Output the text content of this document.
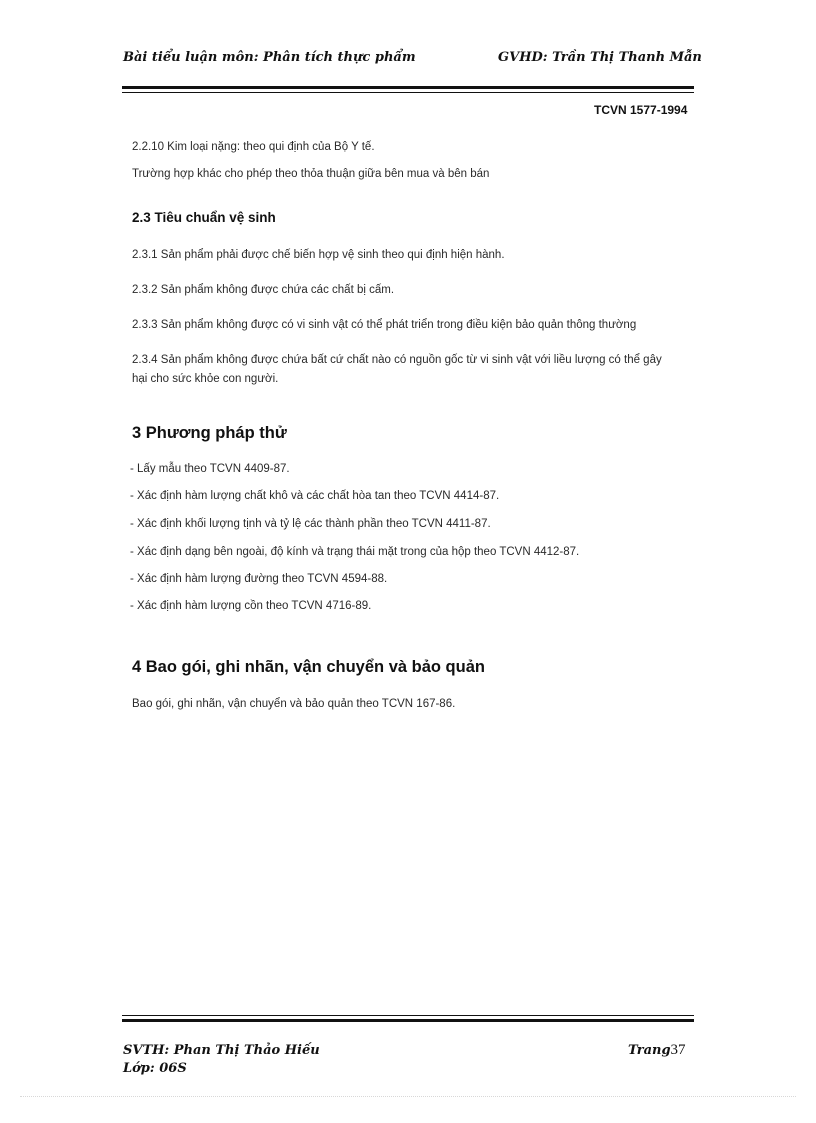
Bài tiểu luận môn: Phân tích thực phẩm	GVHD: Trần Thị Thanh Mẫn
TCVN 1577-1994
2.2.10 Kim loại nặng: theo qui định của Bộ Y tế.
Trường hợp khác cho phép theo thỏa thuận giữa bên mua và bên bán
2.3 Tiêu chuẩn vệ sinh
2.3.1 Sản phẩm phải được chế biến hợp vệ sinh theo qui định hiện hành.
2.3.2 Sản phẩm không được chứa các chất bị cấm.
2.3.3 Sản phẩm không được có vi sinh vật có thể phát triển trong điều kiện bảo quản thông thường
2.3.4 Sản phẩm không được chứa bất cứ chất nào có nguồn gốc từ vi sinh vật với liều lượng có thể gây
hại cho sức khỏe con người.
3 Phương pháp thử
- Lấy mẫu theo TCVN 4409-87.
- Xác định hàm lượng chất khô và các chất hòa tan theo TCVN 4414-87.
- Xác định khối lượng tịnh và tỷ lệ các thành phần theo TCVN 4411-87.
- Xác định dạng bên ngoài, độ kính và trạng thái mặt trong của hộp theo TCVN 4412-87.
- Xác định hàm lượng đường theo TCVN 4594-88.
- Xác định hàm lượng cồn theo TCVN 4716-89.
4 Bao gói, ghi nhãn, vận chuyển và bảo quản
Bao gói, ghi nhãn, vận chuyển và bảo quản theo TCVN 167-86.
SVTH: Phan Thị Thảo Hiếu
Lớp: 06S
Trang37
